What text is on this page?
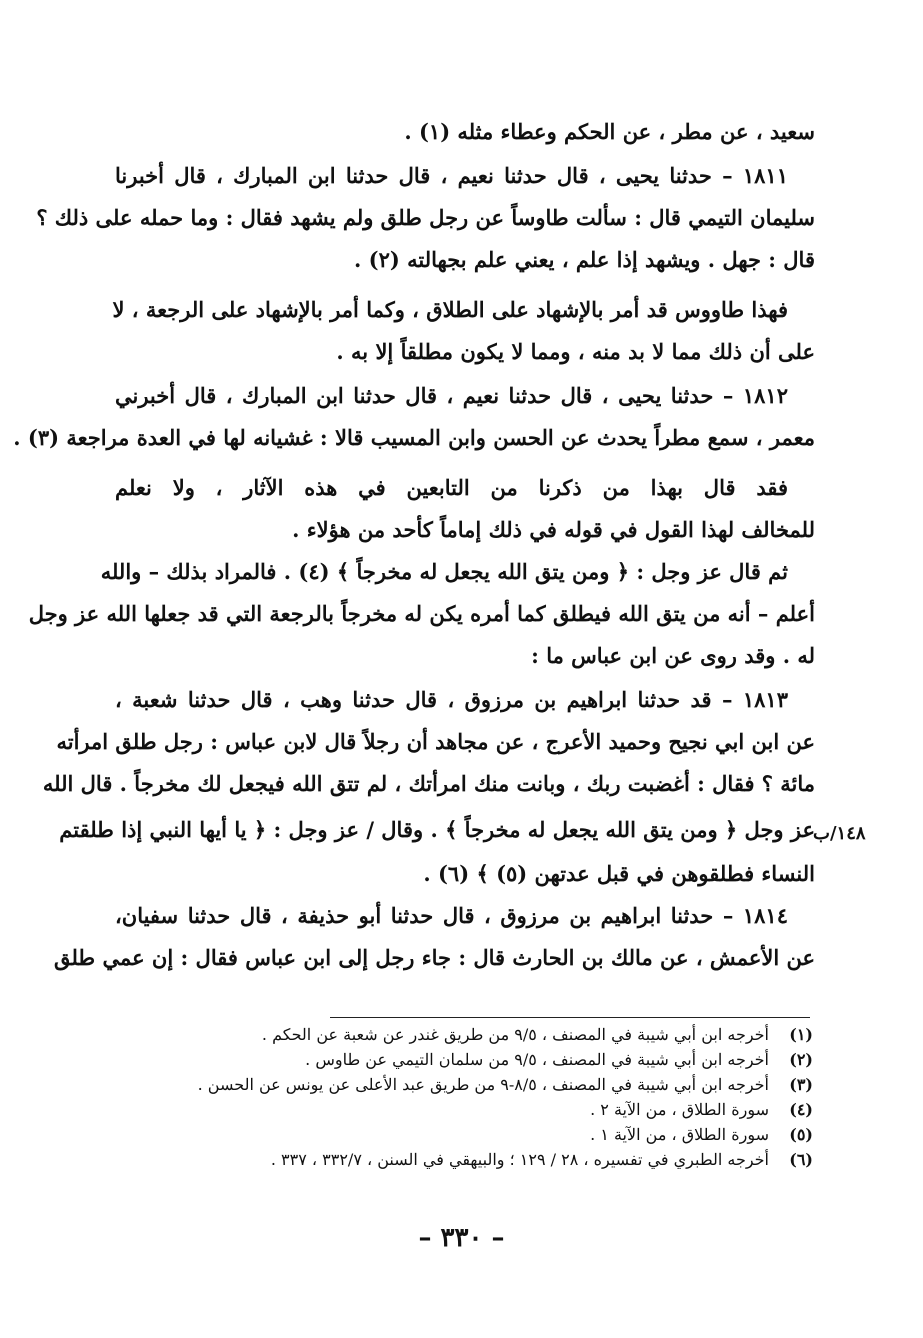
سعيد ، عن مطر ، عن الحكم وعطاء مثله (١) .
١٨١١ – حدثنا يحيى ، قال حدثنا نعيم ، قال حدثنا ابن المبارك ، قال أخبرنا
سليمان التيمي قال : سألت طاوساً عن رجل طلق ولم يشهد فقال : وما حمله على ذلك ؟
قال : جهل . ويشهد إذا علم ، يعني علم بجهالته (٢) .
فهذا طاووس قد أمر بالإشهاد على الطلاق ، وكما أمر بالإشهاد على الرجعة ، لا
على أن ذلك مما لا بد منه ، ومما لا يكون مطلقاً إلا به .
١٨١٢ – حدثنا يحيى ، قال حدثنا نعيم ، قال حدثنا ابن المبارك ، قال أخبرني
معمر ، سمع مطراً يحدث عن الحسن وابن المسيب قالا : غشيانه لها في العدة مراجعة (٣) .
فقد قال بهذا من ذكرنا من التابعين في هذه الآثار ، ولا نعلم
للمخالف لهذا القول في قوله في ذلك إماماً كأحد من هؤلاء .
ثم قال عز وجل : ﴿ ومن يتق الله يجعل له مخرجاً ﴾ (٤) . فالمراد بذلك – والله
أعلم – أنه من يتق الله فيطلق كما أمره يكن له مخرجاً بالرجعة التي قد جعلها الله عز وجل
له . وقد روى عن ابن عباس ما :
١٨١٣ – قد حدثنا ابراهيم بن مرزوق ، قال حدثنا وهب ، قال حدثنا شعبة ،
عن ابن ابي نجيح وحميد الأعرج ، عن مجاهد أن رجلاً قال لابن عباس : رجل طلق امرأته
مائة ؟ فقال : أغضبت ربك ، وبانت منك امرأتك ، لم تتق الله فيجعل لك مخرجاً . قال الله
عز وجل ﴿ ومن يتق الله يجعل له مخرجاً ﴾ . وقال / عز وجل : ﴿ يا أيها النبي إذا طلقتم
النساء فطلقوهن في قبل عدتهن (٥) ﴾ (٦) .
١٨١٤ – حدثنا ابراهيم بن مرزوق ، قال حدثنا أبو حذيفة ، قال حدثنا سفيان،
عن الأعمش ، عن مالك بن الحارث قال : جاء رجل إلى ابن عباس فقال : إن عمي طلق
١٤٨/ب
(١)أخرجه ابن أبي شيبة في المصنف ، ٩/٥ من طريق غندر عن شعبة عن الحكم .
(٢)أخرجه ابن أبي شيبة في المصنف ، ٩/٥ من سلمان التيمي عن طاوس .
(٣)أخرجه ابن أبي شيبة في المصنف ، ٨/٥-٩ من طريق عبد الأعلى عن يونس عن الحسن .
(٤)سورة الطلاق ، من الآية ٢ .
(٥)سورة الطلاق ، من الآية ١ .
(٦)أخرجه الطبري في تفسيره ، ٢٨ / ١٢٩ ؛ والبيهقي في السنن ، ٣٣٢/٧ ، ٣٣٧ .
– ٣٣٠ –
